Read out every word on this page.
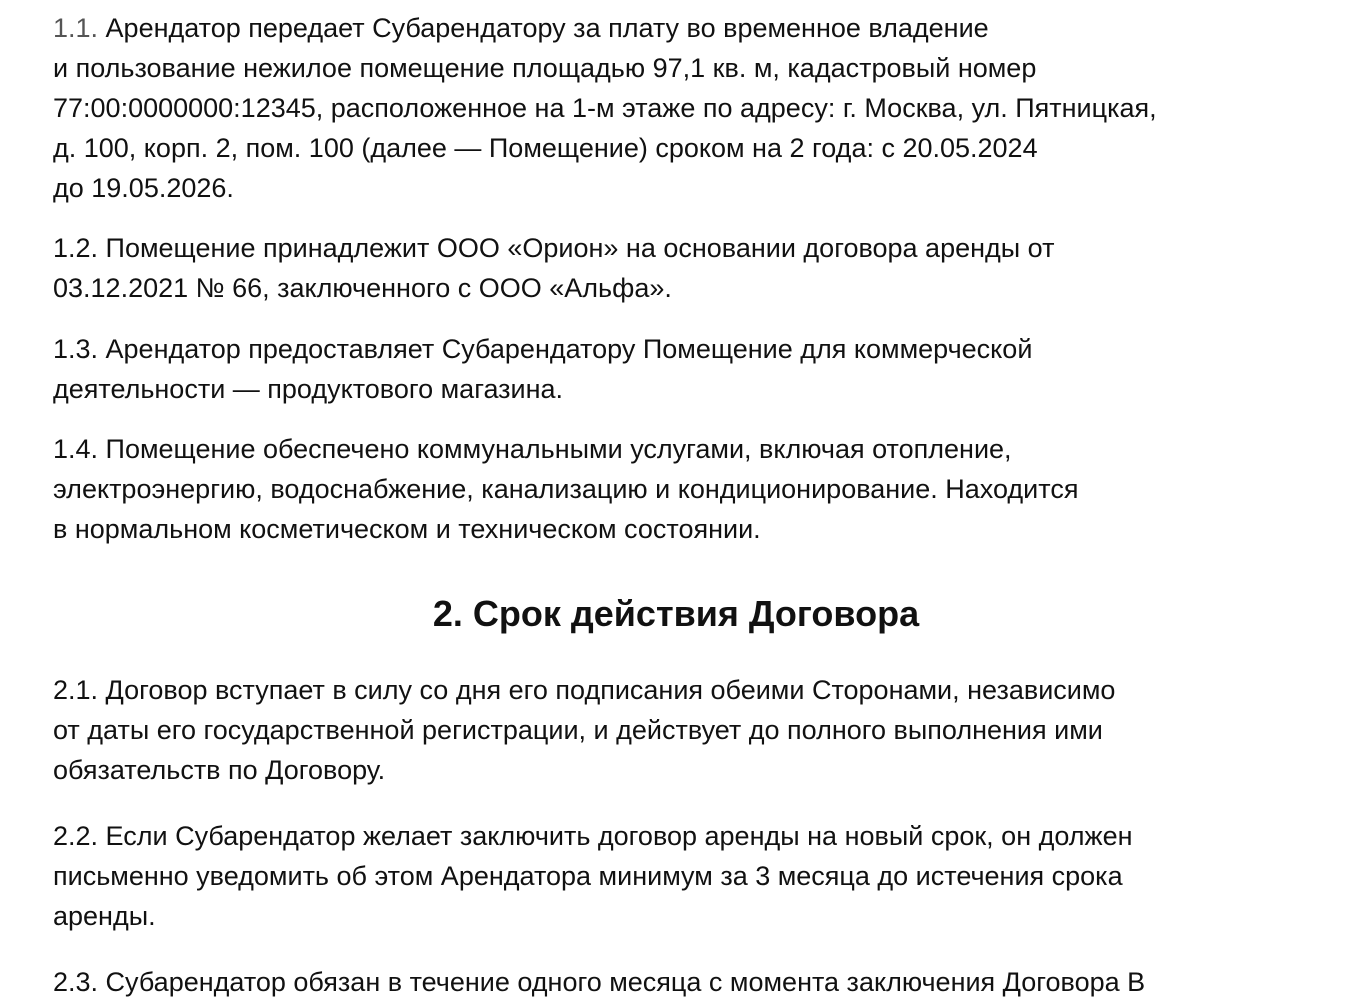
1.1. Арендатор передает Субарендатору за плату во временное владение
и пользование нежилое помещение площадью 97,1 кв. м, кадастровый номер
77:00:0000000:12345, расположенное на 1-м этаже по адресу: г. Москва, ул. Пятницкая,
д. 100, корп. 2, пом. 100 (далее — Помещение) сроком на 2 года: с 20.05.2024
до 19.05.2026.

1.2. Помещение принадлежит ООО «Орион» на основании договора аренды от
03.12.2021 № 66, заключенного с ООО «Альфа».

1.3. Арендатор предоставляет Субарендатору Помещение для коммерческой
деятельности — продуктового магазина.

1.4. Помещение обеспечено коммунальными услугами, включая отопление,
электроэнергию, водоснабжение, канализацию и кондиционирование. Находится
в нормальном косметическом и техническом состоянии.

2. Срок действия Договора

2.1. Договор вступает в силу со дня его подписания обеими Сторонами, независимо
от даты его государственной регистрации, и действует до полного выполнения ими
обязательств по Договору.

2.2. Если Субарендатор желает заключить договор аренды на новый срок, он должен
письменно уведомить об этом Арендатора минимум за 3 месяца до истечения срока
аренды.

2.3. Субарендатор обязан в течение одного месяца с момента заключения Договора В
